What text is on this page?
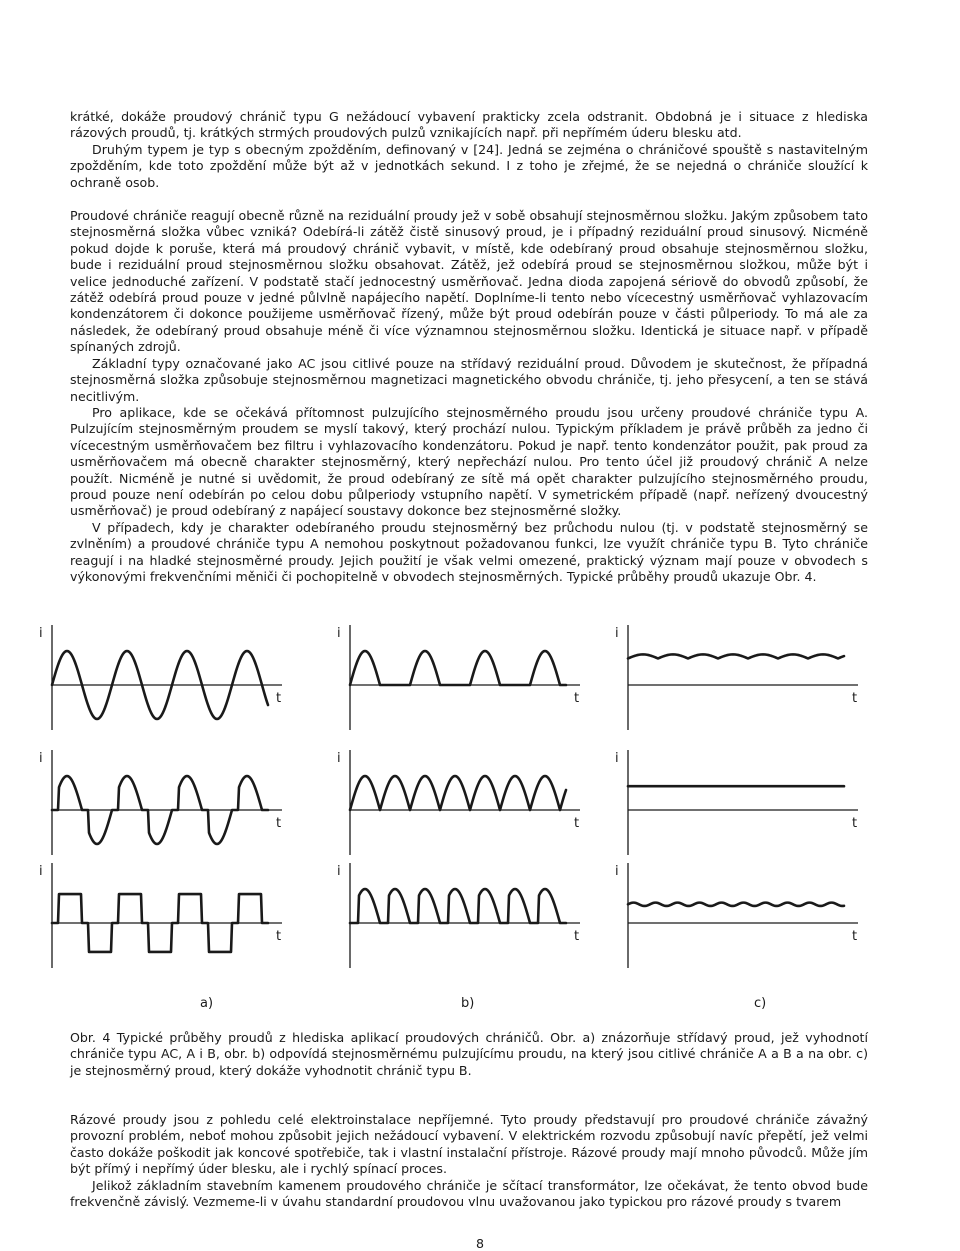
krátké, dokáže proudový chránič typu G nežádoucí vybavení prakticky zcela odstranit. Obdobná je i situace z hlediska rázových proudů, tj. krátkých strmých proudových pulzů vznikajících např. při nepřímém úderu blesku atd.

Druhým typem je typ s obecným zpožděním, definovaný v [24]. Jedná se zejména o chráničové spouště s nastavitelným zpožděním, kde toto zpoždění může být až v jednotkách sekund. I z toho je zřejmé, že se nejedná o chrániče sloužící k ochraně osob.

Proudové chrániče reagují obecně různě na reziduální proudy jež v sobě obsahují stejnosměrnou složku. Jakým způsobem tato stejnosměrná složka vůbec vzniká? Odebírá-li zátěž čistě sinusový proud, je i případný reziduální proud sinusový. Nicméně pokud dojde k poruše, která má proudový chránič vybavit, v místě, kde odebíraný proud obsahuje stejnosměrnou složku, bude i reziduální proud stejnosměrnou složku obsahovat. Zátěž, jež odebírá proud se stejnosměrnou složkou, může být i velice jednoduché zařízení. V podstatě stačí jednocestný usměrňovač. Jedna dioda zapojená sériově do obvodů způsobí, že zátěž odebírá proud pouze v jedné půlvlně napájecího napětí. Doplníme-li tento nebo vícecestný usměrňovač vyhlazovacím kondenzátorem či dokonce použijeme usměrňovač řízený, může být proud odebírán pouze v části půlperiody. To má ale za následek, že odebíraný proud obsahuje méně či více významnou stejnosměrnou složku. Identická je situace např. v případě spínaných zdrojů.

Základní typy označované jako AC jsou citlivé pouze na střídavý reziduální proud. Důvodem je skutečnost, že případná stejnosměrná složka způsobuje stejnosměrnou magnetizaci magnetického obvodu chrániče, tj. jeho přesycení, a ten se stává necitlivým.

Pro aplikace, kde se očekává přítomnost pulzujícího stejnosměrného proudu jsou určeny proudové chrániče typu A. Pulzujícím stejnosměrným proudem se myslí takový, který prochází nulou. Typickým příkladem je právě průběh za jedno či vícecestným usměrňovačem bez filtru i vyhlazovacího kondenzátoru. Pokud je např. tento kondenzátor použit, pak proud za usměrňovačem má obecně charakter stejnosměrný, který nepřechází nulou. Pro tento účel již proudový chránič A nelze použít. Nicméně je nutné si uvědomit, že proud odebíraný ze sítě má opět charakter pulzujícího stejnosměrného proudu, proud pouze není odebírán po celou dobu půlperiody vstupního napětí. V symetrickém případě (např. neřízený dvoucestný usměrňovač) je proud odebíraný z napájecí soustavy dokonce bez stejnosměrné složky.

V případech, kdy je charakter odebíraného proudu stejnosměrný bez průchodu nulou (tj. v podstatě stejnosměrný se zvlněním) a proudové chrániče typu A nemohou poskytnout požadovanou funkci, lze využít chrániče typu B. Tyto chrániče reagují i na hladké stejnosměrné proudy. Jejich použití je však velmi omezené, praktický význam mají pouze v obvodech s výkonovými frekvenčními měniči či pochopitelně v obvodech stejnosměrných. Typické průběhy proudů ukazuje Obr. 4.

i
t
i
t
i
t
i
t
i
t
i
t
i
t
i
t
i
t
a)	b)	c)

Obr. 4 Typické průběhy proudů z hlediska aplikací proudových chráničů. Obr. a) znázorňuje střídavý proud, jež vyhodnotí chrániče typu AC, A i B, obr. b) odpovídá stejnosměrnému pulzujícímu proudu, na který jsou citlivé chrániče A a B a na obr. c) je stejnosměrný proud, který dokáže vyhodnotit chránič typu B.

Rázové proudy jsou z pohledu celé elektroinstalace nepříjemné. Tyto proudy představují pro proudové chrániče závažný provozní problém, neboť mohou způsobit jejich nežádoucí vybavení. V elektrickém rozvodu způsobují navíc přepětí, jež velmi často dokáže poškodit jak koncové spotřebiče, tak i vlastní instalační přístroje. Rázové proudy mají mnoho původců. Může jím být přímý i nepřímý úder blesku, ale i rychlý spínací proces.

Jelikož základním stavebním kamenem proudového chrániče je sčítací transformátor, lze očekávat, že tento obvod bude frekvenčně závislý. Vezmeme-li v úvahu standardní proudovou vlnu uvažovanou jako typickou pro rázové proudy s tvarem

8
